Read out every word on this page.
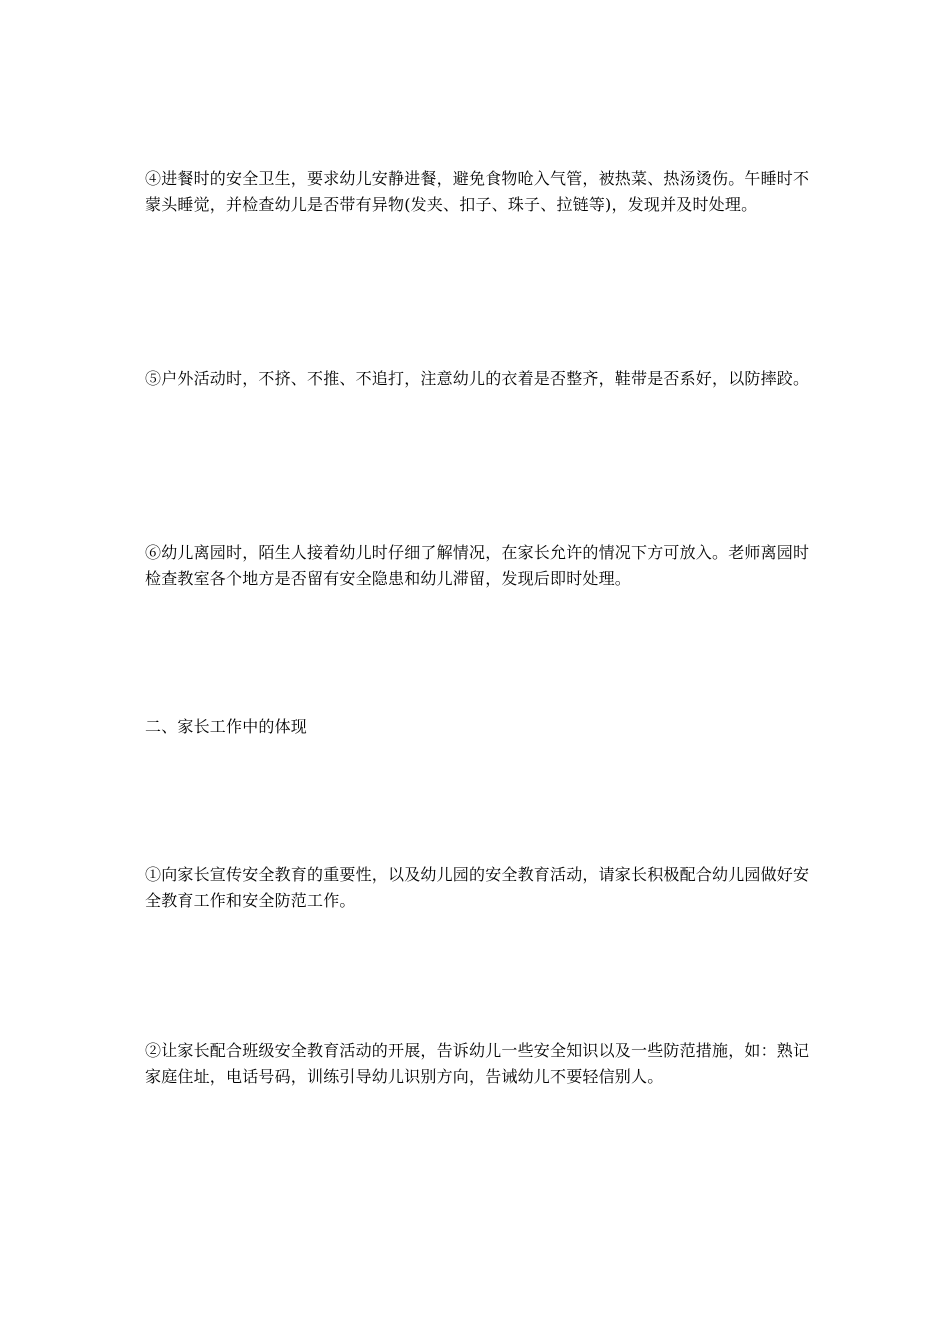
④进餐时的安全卫生，要求幼儿安静进餐，避免食物呛入气管，被热菜、热汤烫伤。午睡时不蒙头睡觉，并检查幼儿是否带有异物(发夹、扣子、珠子、拉链等)，发现并及时处理。

⑤户外活动时，不挤、不推、不追打，注意幼儿的衣着是否整齐，鞋带是否系好，以防摔跤。

⑥幼儿离园时，陌生人接着幼儿时仔细了解情况，在家长允许的情况下方可放入。老师离园时检查教室各个地方是否留有安全隐患和幼儿滞留，发现后即时处理。

二、家长工作中的体现

①向家长宣传安全教育的重要性，以及幼儿园的安全教育活动，请家长积极配合幼儿园做好安全教育工作和安全防范工作。

②让家长配合班级安全教育活动的开展，告诉幼儿一些安全知识以及一些防范措施，如：熟记家庭住址，电话号码，训练引导幼儿识别方向，告诫幼儿不要轻信别人。
